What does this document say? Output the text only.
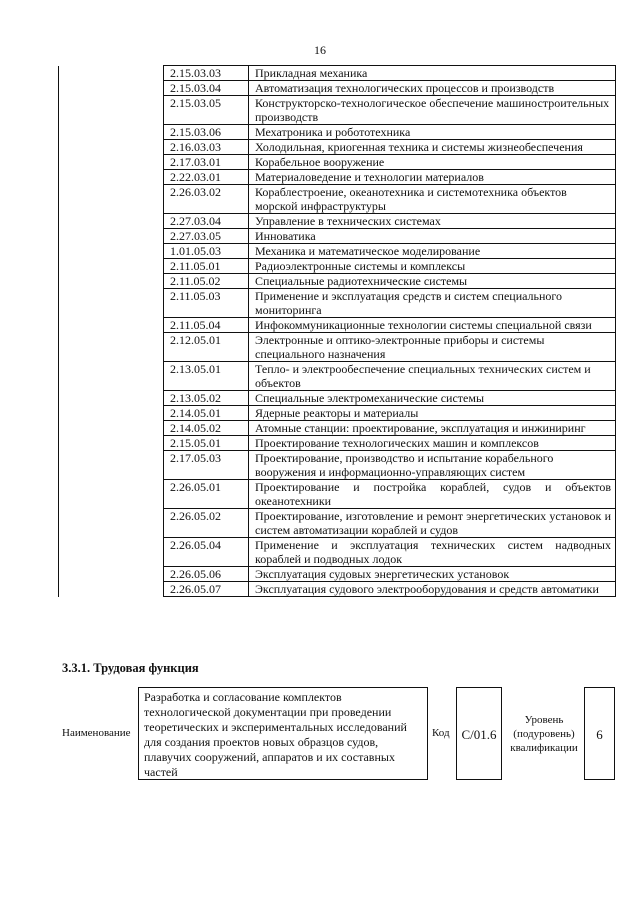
16
	2.15.03.03	Прикладная механика
	2.15.03.04	Автоматизация технологических процессов и производств
	2.15.03.05	Конструкторско-технологическое обеспечение машиностроительных производств
	2.15.03.06	Мехатроника и робототехника
	2.16.03.03	Холодильная, криогенная техника и системы жизнеобеспечения
	2.17.03.01	Корабельное вооружение
	2.22.03.01	Материаловедение и технологии материалов
	2.26.03.02	Кораблестроение, океанотехника и системотехника объектов морской инфраструктуры
	2.27.03.04	Управление в технических системах
	2.27.03.05	Инноватика
	1.01.05.03	Механика и математическое моделирование
	2.11.05.01	Радиоэлектронные системы и комплексы
	2.11.05.02	Специальные радиотехнические системы
	2.11.05.03	Применение и эксплуатация средств и систем специального мониторинга
	2.11.05.04	Инфокоммуникационные технологии системы специальной связи
	2.12.05.01	Электронные и оптико-электронные приборы и системы специального назначения
	2.13.05.01	Тепло- и электрообеспечение специальных технических систем и объектов
	2.13.05.02	Специальные электромеханические системы
	2.14.05.01	Ядерные реакторы и материалы
	2.14.05.02	Атомные станции: проектирование, эксплуатация и инжиниринг
	2.15.05.01	Проектирование технологических машин и комплексов
	2.17.05.03	Проектирование, производство и испытание корабельного вооружения и информационно-управляющих систем
	2.26.05.01	Проектирование и постройка кораблей, судов и объектов океанотехники
	2.26.05.02	Проектирование, изготовление и ремонт энергетических установок и систем автоматизации кораблей и судов
	2.26.05.04	Применение и эксплуатация технических систем надводных кораблей и подводных лодок
	2.26.05.06	Эксплуатация судовых энергетических установок
	2.26.05.07	Эксплуатация судового электрооборудования и средств автоматики
3.3.1. Трудовая функция
Наименование
Разработка и согласование комплектов технологической документации при проведении теоретических и экспериментальных исследований для создания проектов новых образцов судов, плавучих сооружений, аппаратов и их составных частей
Код C/01.6
Уровень (подуровень) квалификации
6
